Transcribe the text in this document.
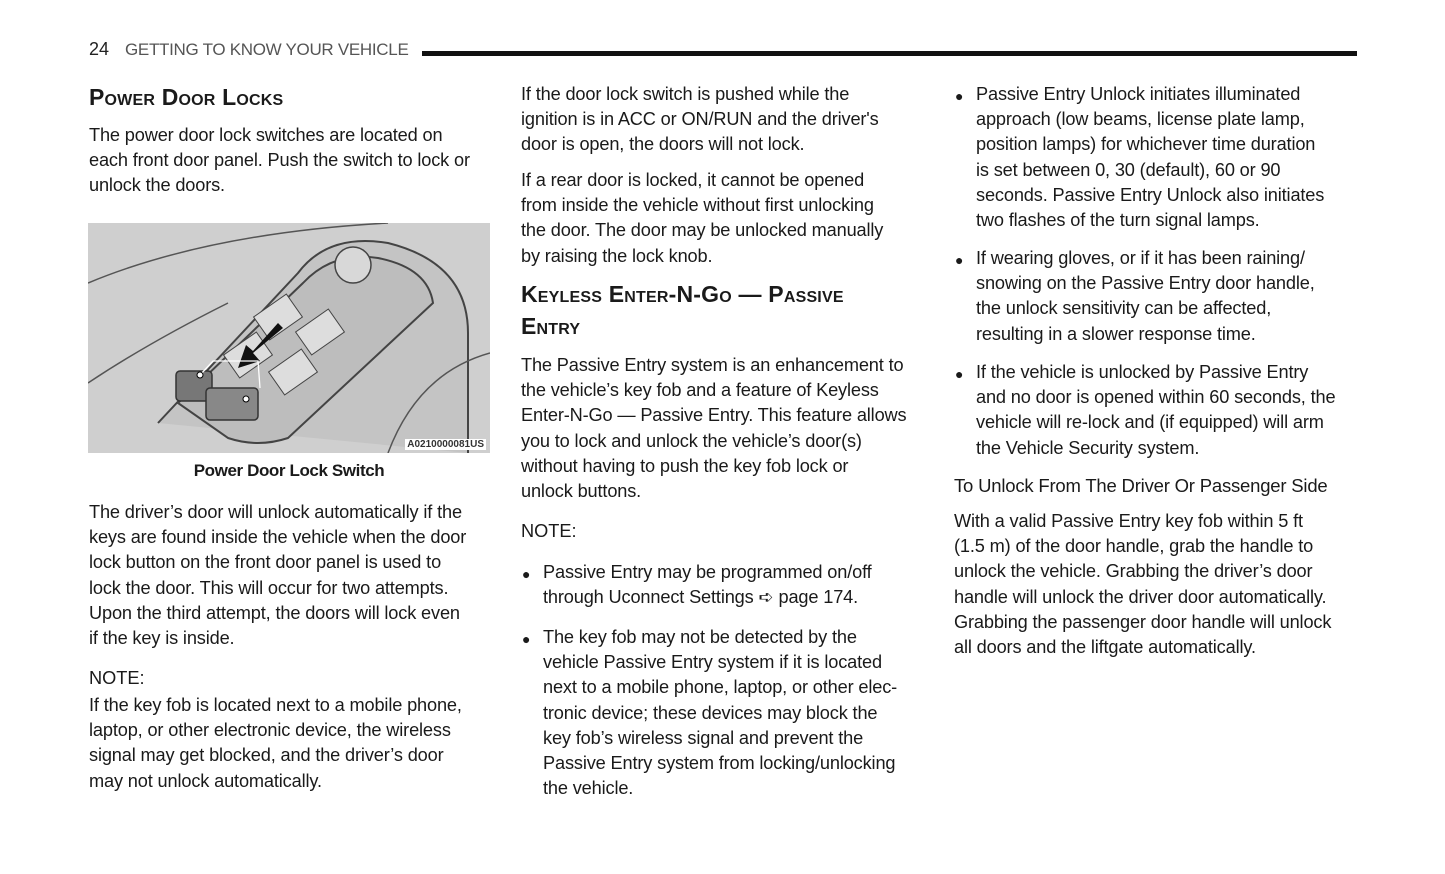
24 GETTING TO KNOW YOUR VEHICLE
Power Door Locks
The power door lock switches are located on
each front door panel. Push the switch to lock or
unlock the doors.
A0210000081US
Power Door Lock Switch
The driver’s door will unlock automatically if the
keys are found inside the vehicle when the door
lock button on the front door panel is used to
lock the door. This will occur for two attempts.
Upon the third attempt, the doors will lock even
if the key is inside.
NOTE:
If the key fob is located next to a mobile phone,
laptop, or other electronic device, the wireless
signal may get blocked, and the driver’s door
may not unlock automatically.
If the door lock switch is pushed while the
ignition is in ACC or ON/RUN and the driver's
door is open, the doors will not lock.
If a rear door is locked, it cannot be opened
from inside the vehicle without first unlocking
the door. The door may be unlocked manually
by raising the lock knob.
Keyless Enter-N-Go — Passive
Entry
The Passive Entry system is an enhancement to
the vehicle’s key fob and a feature of Keyless
Enter-N-Go — Passive Entry. This feature allows
you to lock and unlock the vehicle’s door(s)
without having to push the key fob lock or
unlock buttons.
NOTE:
● Passive Entry may be programmed on/off
through Uconnect Settings ➪ page 174.
● The key fob may not be detected by the
vehicle Passive Entry system if it is located
next to a mobile phone, laptop, or other elec-
tronic device; these devices may block the
key fob’s wireless signal and prevent the
Passive Entry system from locking/unlocking
the vehicle.
● Passive Entry Unlock initiates illuminated
approach (low beams, license plate lamp,
position lamps) for whichever time duration
is set between 0, 30 (default), 60 or 90
seconds. Passive Entry Unlock also initiates
two flashes of the turn signal lamps.
● If wearing gloves, or if it has been raining/
snowing on the Passive Entry door handle,
the unlock sensitivity can be affected,
resulting in a slower response time.
● If the vehicle is unlocked by Passive Entry
and no door is opened within 60 seconds, the
vehicle will re-lock and (if equipped) will arm
the Vehicle Security system.
To Unlock From The Driver Or Passenger Side
With a valid Passive Entry key fob within 5 ft
(1.5 m) of the door handle, grab the handle to
unlock the vehicle. Grabbing the driver’s door
handle will unlock the driver door automatically.
Grabbing the passenger door handle will unlock
all doors and the liftgate automatically.
